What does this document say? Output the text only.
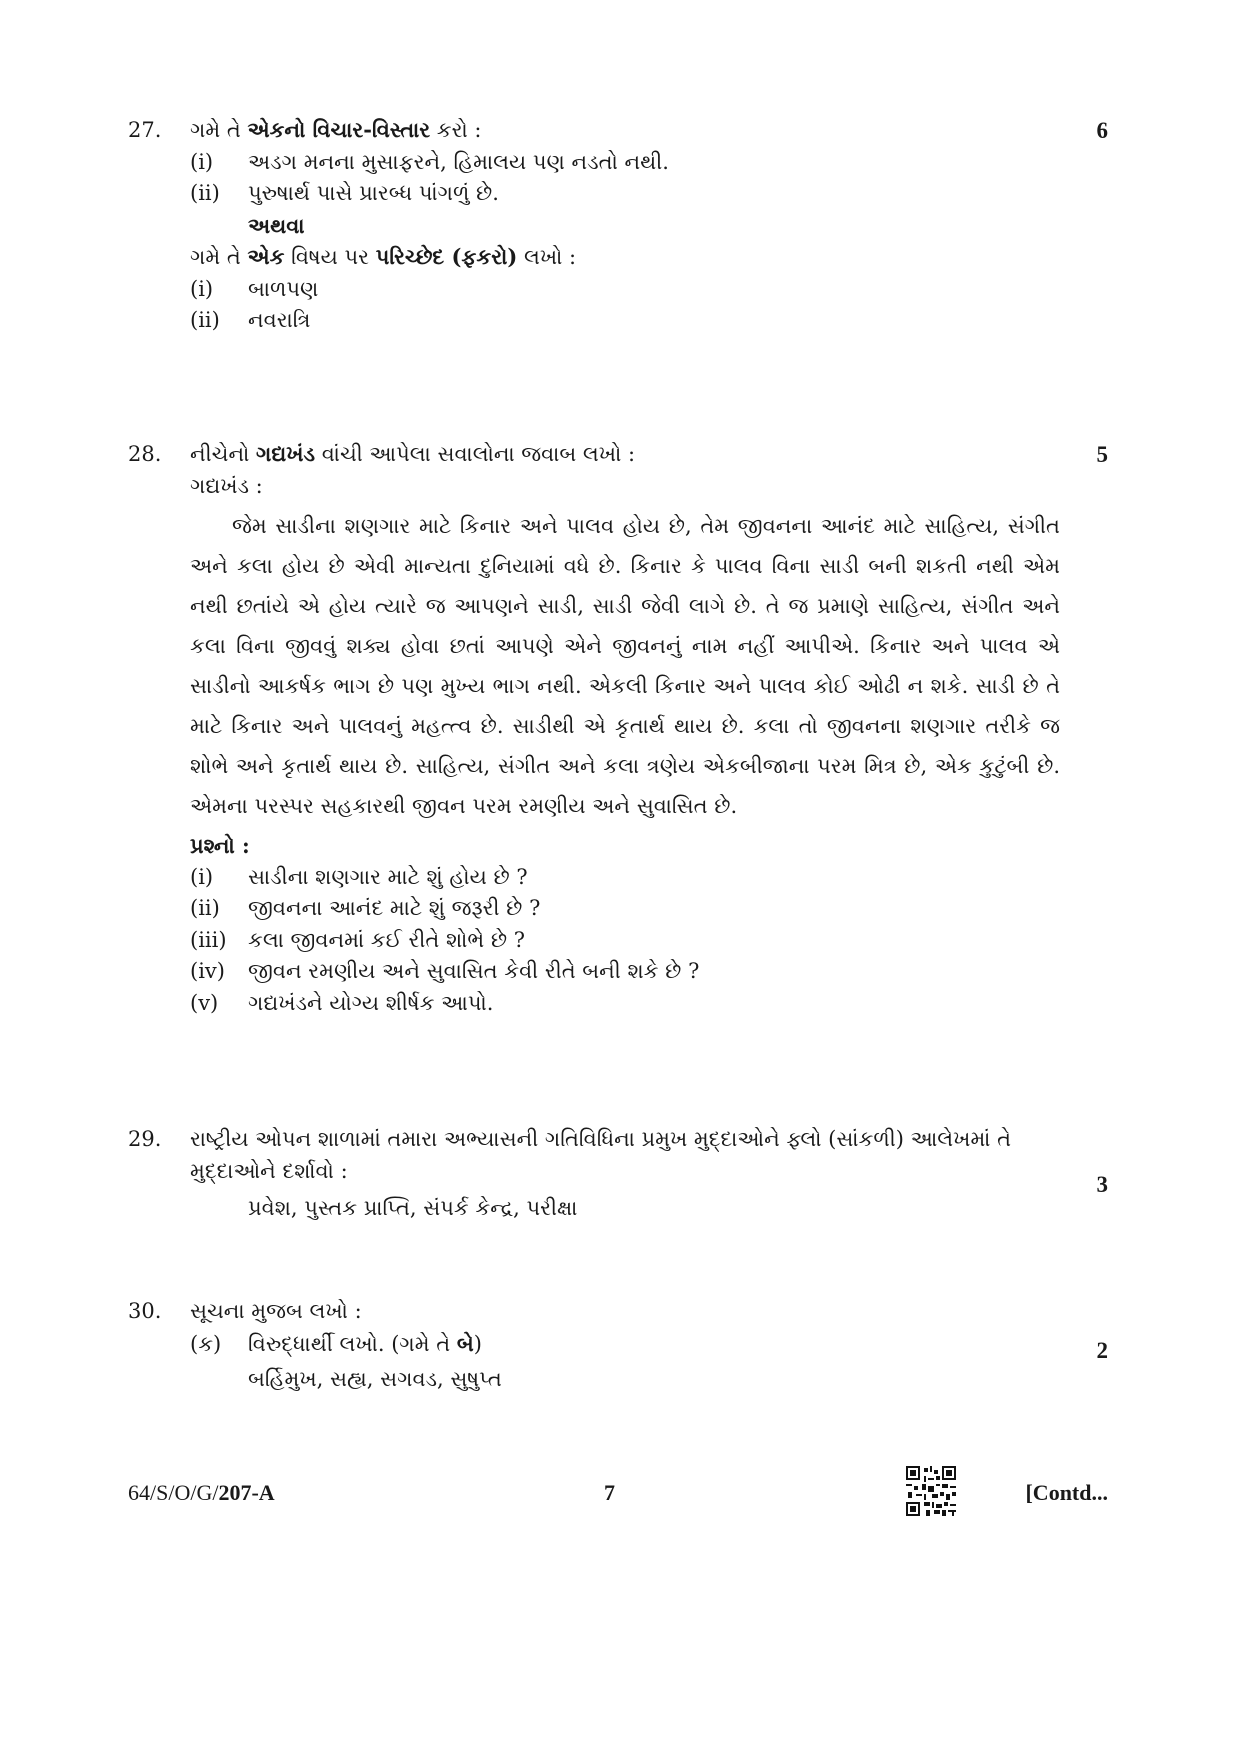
27.	ગમે તે એકનો વિચાર-વિસ્તાર કરો :	6
(i)	અડગ મનના મુસાફરને, હિમાલય પણ નડતો નથી.
(ii)	પુરુષાર્થ પાસે પ્રારબ્ધ પાંગળું છે.
અથવા
ગમે તે એક વિષય પર પરિચ્છેદ (ફકરો) લખો :
(i)	બાળપણ
(ii)	નવરાત્રિ
28.	નીચેનો ગદ્યખંડ વાંચી આપેલા સવાલોના જવાબ લખો :	5
ગદ્યખંડ :
જેમ સાડીના શણગાર માટે કિનાર અને પાલવ હોય છે, તેમ જીવનના આનંદ માટે સાહિત્ય, સંગીત અને કલા હોય છે એવી માન્યતા દુનિયામાં વધે છે. કિનાર કે પાલવ વિના સાડી બની શકતી નથી એમ નથી છતાંયે એ હોય ત્યારે જ આપણને સાડી, સાડી જેવી લાગે છે. તે જ પ્રમાણે સાહિત્ય, સંગીત અને કલા વિના જીવવું શક્ય હોવા છતાં આપણે એને જીવનનું નામ નહીં આપીએ. કિનાર અને પાલવ એ સાડીનો આકર્ષક ભાગ છે પણ મુખ્ય ભાગ નથી. એકલી કિનાર અને પાલવ કોઈ ઓઢી ન શકે. સાડી છે તે માટે કિનાર અને પાલવનું મહત્ત્વ છે. સાડીથી એ કૃતાર્થ થાય છે. કલા તો જીવનના શણગાર તરીકે જ શોભે અને કૃતાર્થ થાય છે. સાહિત્ય, સંગીત અને કલા ત્રણેય એકબીજાના પરમ મિત્ર છે, એક કુટુંબી છે. એમના પરસ્પર સહકારથી જીવન પરમ રમણીય અને સુવાસિત છે.
પ્રશ્નો :
(i)	સાડીના શણગાર માટે શું હોય છે ?
(ii)	જીવનના આનંદ માટે શું જરૂરી છે ?
(iii)	કલા જીવનમાં કઈ રીતે શોભે છે ?
(iv)	જીવન રમણીય અને સુવાસિત કેવી રીતે બની શકે છે ?
(v)	ગદ્યખંડને યોગ્ય શીર્ષક આપો.
29.	રાષ્ટ્રીય ઓપન શાળામાં તમારા અભ્યાસની ગતિવિધિના પ્રમુખ મુદ્દાઓને ફ્લો (સાંકળી) આલેખમાં તે મુદ્દાઓને દર્શાવો :
3
પ્રવેશ, પુસ્તક પ્રાપ્તિ, સંપર્ક કેન્દ્ર, પરીક્ષા
30.	સૂચના મુજબ લખો :
(ક)	વિરુદ્ધાર્થી લખો. (ગમે તે બે)	2
બર્હિમુખ, સહ્ય, સગવડ, સુષુપ્ત
64/S/O/G/207-A	7	[Contd...
